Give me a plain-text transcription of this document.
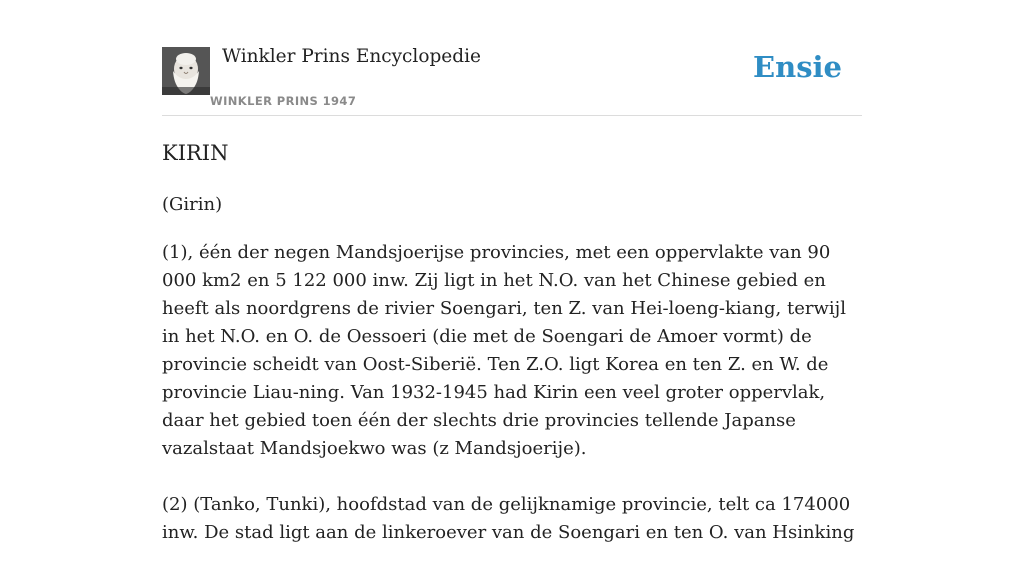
Winkler Prins Encyclopedie
WINKLER PRINS 1947
Ensie
KIRIN
(Girin)

(1), één der negen Mandsjoerijse provincies, met een oppervlakte van 90 000 km2 en 5 122 000 inw. Zij ligt in het N.O. van het Chinese gebied en heeft als noordgrens de rivier Soengari, ten Z. van Hei-loeng-kiang, terwijl in het N.O. en O. de Oessoeri (die met de Soengari de Amoer vormt) de provincie scheidt van Oost-Siberië. Ten Z.O. ligt Korea en ten Z. en W. de provincie Liau-ning. Van 1932-1945 had Kirin een veel groter oppervlak, daar het gebied toen één der slechts drie provincies tellende Japanse vazalstaat Mandsjoekwo was (z Mandsjoerije).

(2) (Tanko, Tunki), hoofdstad van de gelijknamige provincie, telt ca 174000 inw. De stad ligt aan de linkeroever van de Soengari en ten O. van Hsinking
